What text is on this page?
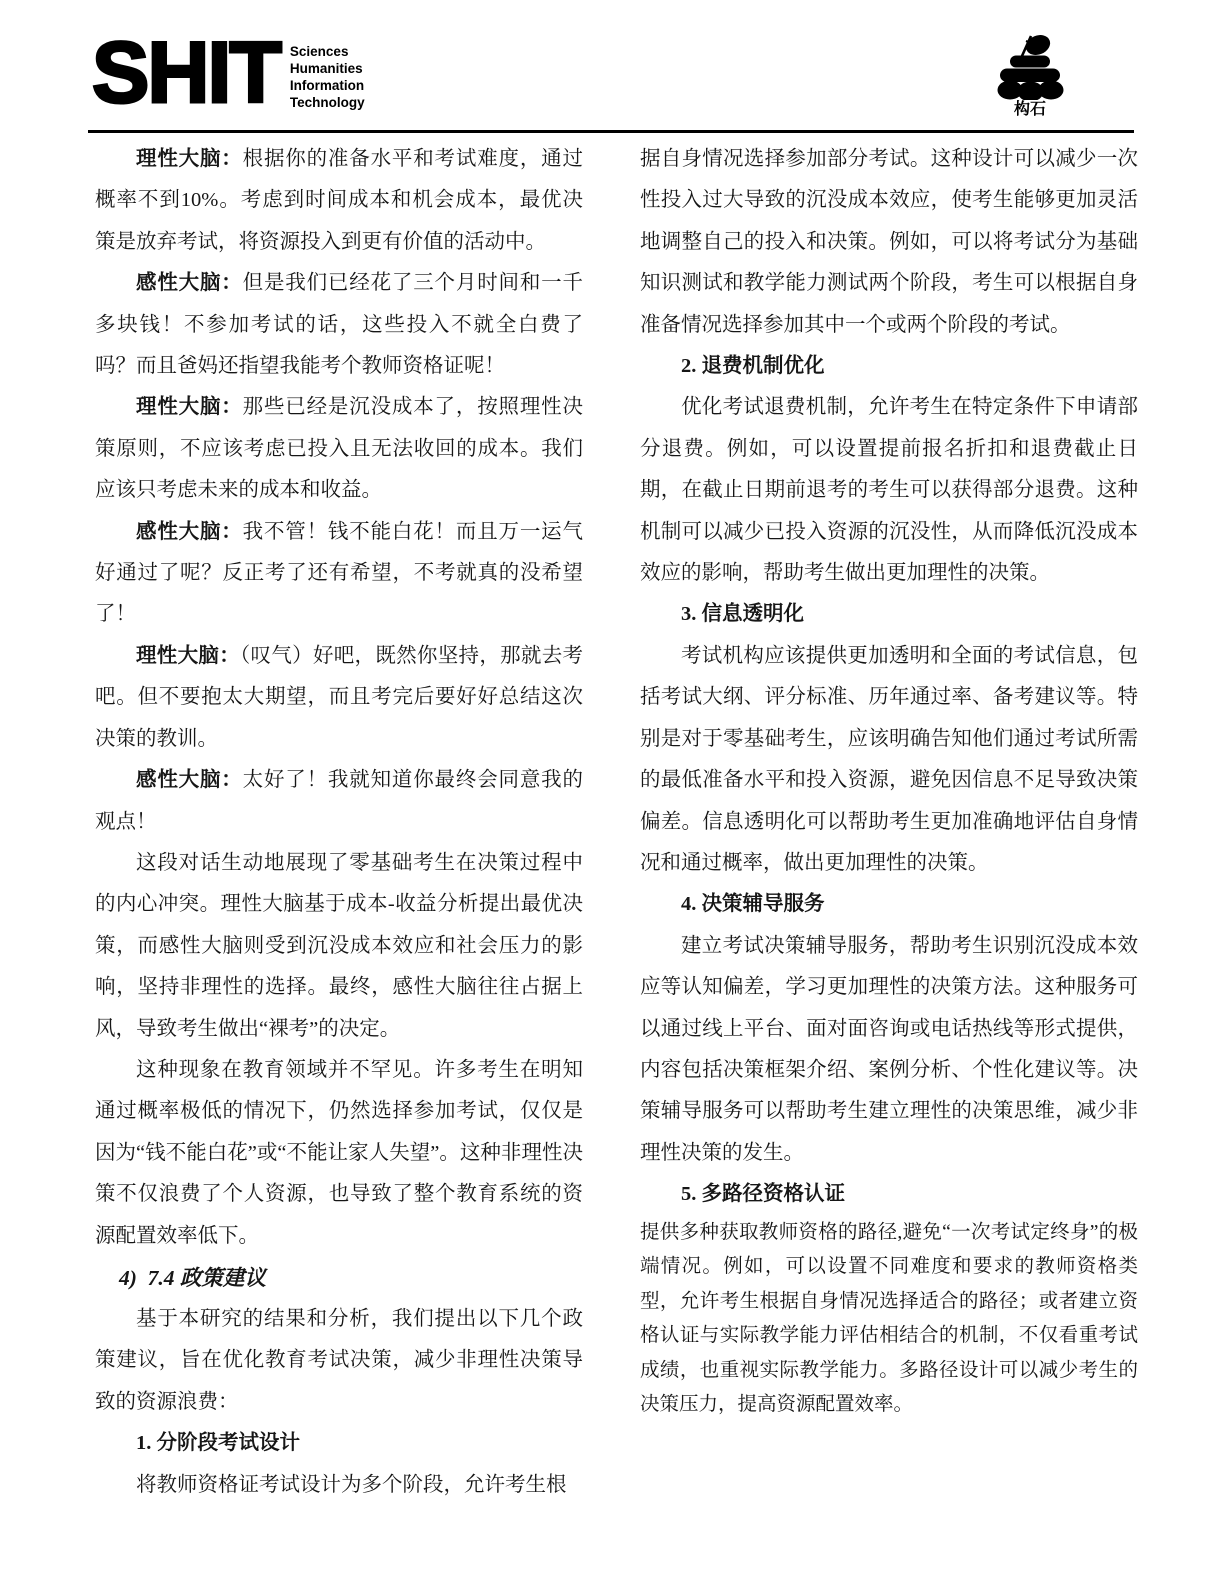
SHIT Sciences
Humanities
Information
Technology	构石

理性大脑：根据你的准备水平和考试难度，通过概率不到10%。考虑到时间成本和机会成本，最优决策是放弃考试，将资源投入到更有价值的活动中。

感性大脑：但是我们已经花了三个月时间和一千多块钱！不参加考试的话，这些投入不就全白费了吗？而且爸妈还指望我能考个教师资格证呢！

理性大脑：那些已经是沉没成本了，按照理性决策原则，不应该考虑已投入且无法收回的成本。我们应该只考虑未来的成本和收益。

感性大脑：我不管！钱不能白花！而且万一运气好通过了呢？反正考了还有希望，不考就真的没希望了！

理性大脑：（叹气）好吧，既然你坚持，那就去考吧。但不要抱太大期望，而且考完后要好好总结这次决策的教训。

感性大脑：太好了！我就知道你最终会同意我的观点！

这段对话生动地展现了零基础考生在决策过程中的内心冲突。理性大脑基于成本-收益分析提出最优决策，而感性大脑则受到沉没成本效应和社会压力的影响，坚持非理性的选择。最终，感性大脑往往占据上风，导致考生做出“裸考”的决定。

这种现象在教育领域并不罕见。许多考生在明知通过概率极低的情况下，仍然选择参加考试，仅仅是因为“钱不能白花”或“不能让家人失望”。这种非理性决策不仅浪费了个人资源，也导致了整个教育系统的资源配置效率低下。

4)  7.4 政策建议

基于本研究的结果和分析，我们提出以下几个政策建议，旨在优化教育考试决策，减少非理性决策导致的资源浪费：

1. 分阶段考试设计

将教师资格证考试设计为多个阶段，允许考生根

据自身情况选择参加部分考试。这种设计可以减少一次性投入过大导致的沉没成本效应，使考生能够更加灵活地调整自己的投入和决策。例如，可以将考试分为基础知识测试和教学能力测试两个阶段，考生可以根据自身准备情况选择参加其中一个或两个阶段的考试。

2. 退费机制优化

优化考试退费机制，允许考生在特定条件下申请部分退费。例如，可以设置提前报名折扣和退费截止日期，在截止日期前退考的考生可以获得部分退费。这种机制可以减少已投入资源的沉没性，从而降低沉没成本效应的影响，帮助考生做出更加理性的决策。

3. 信息透明化

考试机构应该提供更加透明和全面的考试信息，包括考试大纲、评分标准、历年通过率、备考建议等。特别是对于零基础考生，应该明确告知他们通过考试所需的最低准备水平和投入资源，避免因信息不足导致决策偏差。信息透明化可以帮助考生更加准确地评估自身情况和通过概率，做出更加理性的决策。

4. 决策辅导服务

建立考试决策辅导服务，帮助考生识别沉没成本效应等认知偏差，学习更加理性的决策方法。这种服务可以通过线上平台、面对面咨询或电话热线等形式提供，内容包括决策框架介绍、案例分析、个性化建议等。决策辅导服务可以帮助考生建立理性的决策思维，减少非理性决策的发生。

5. 多路径资格认证

提供多种获取教师资格的路径,避免“一次考试定终身”的极端情况。例如，可以设置不同难度和要求的教师资格类型，允许考生根据自身情况选择适合的路径；或者建立资格认证与实际教学能力评估相结合的机制，不仅看重考试成绩，也重视实际教学能力。多路径设计可以减少考生的决策压力，提高资源配置效率。
